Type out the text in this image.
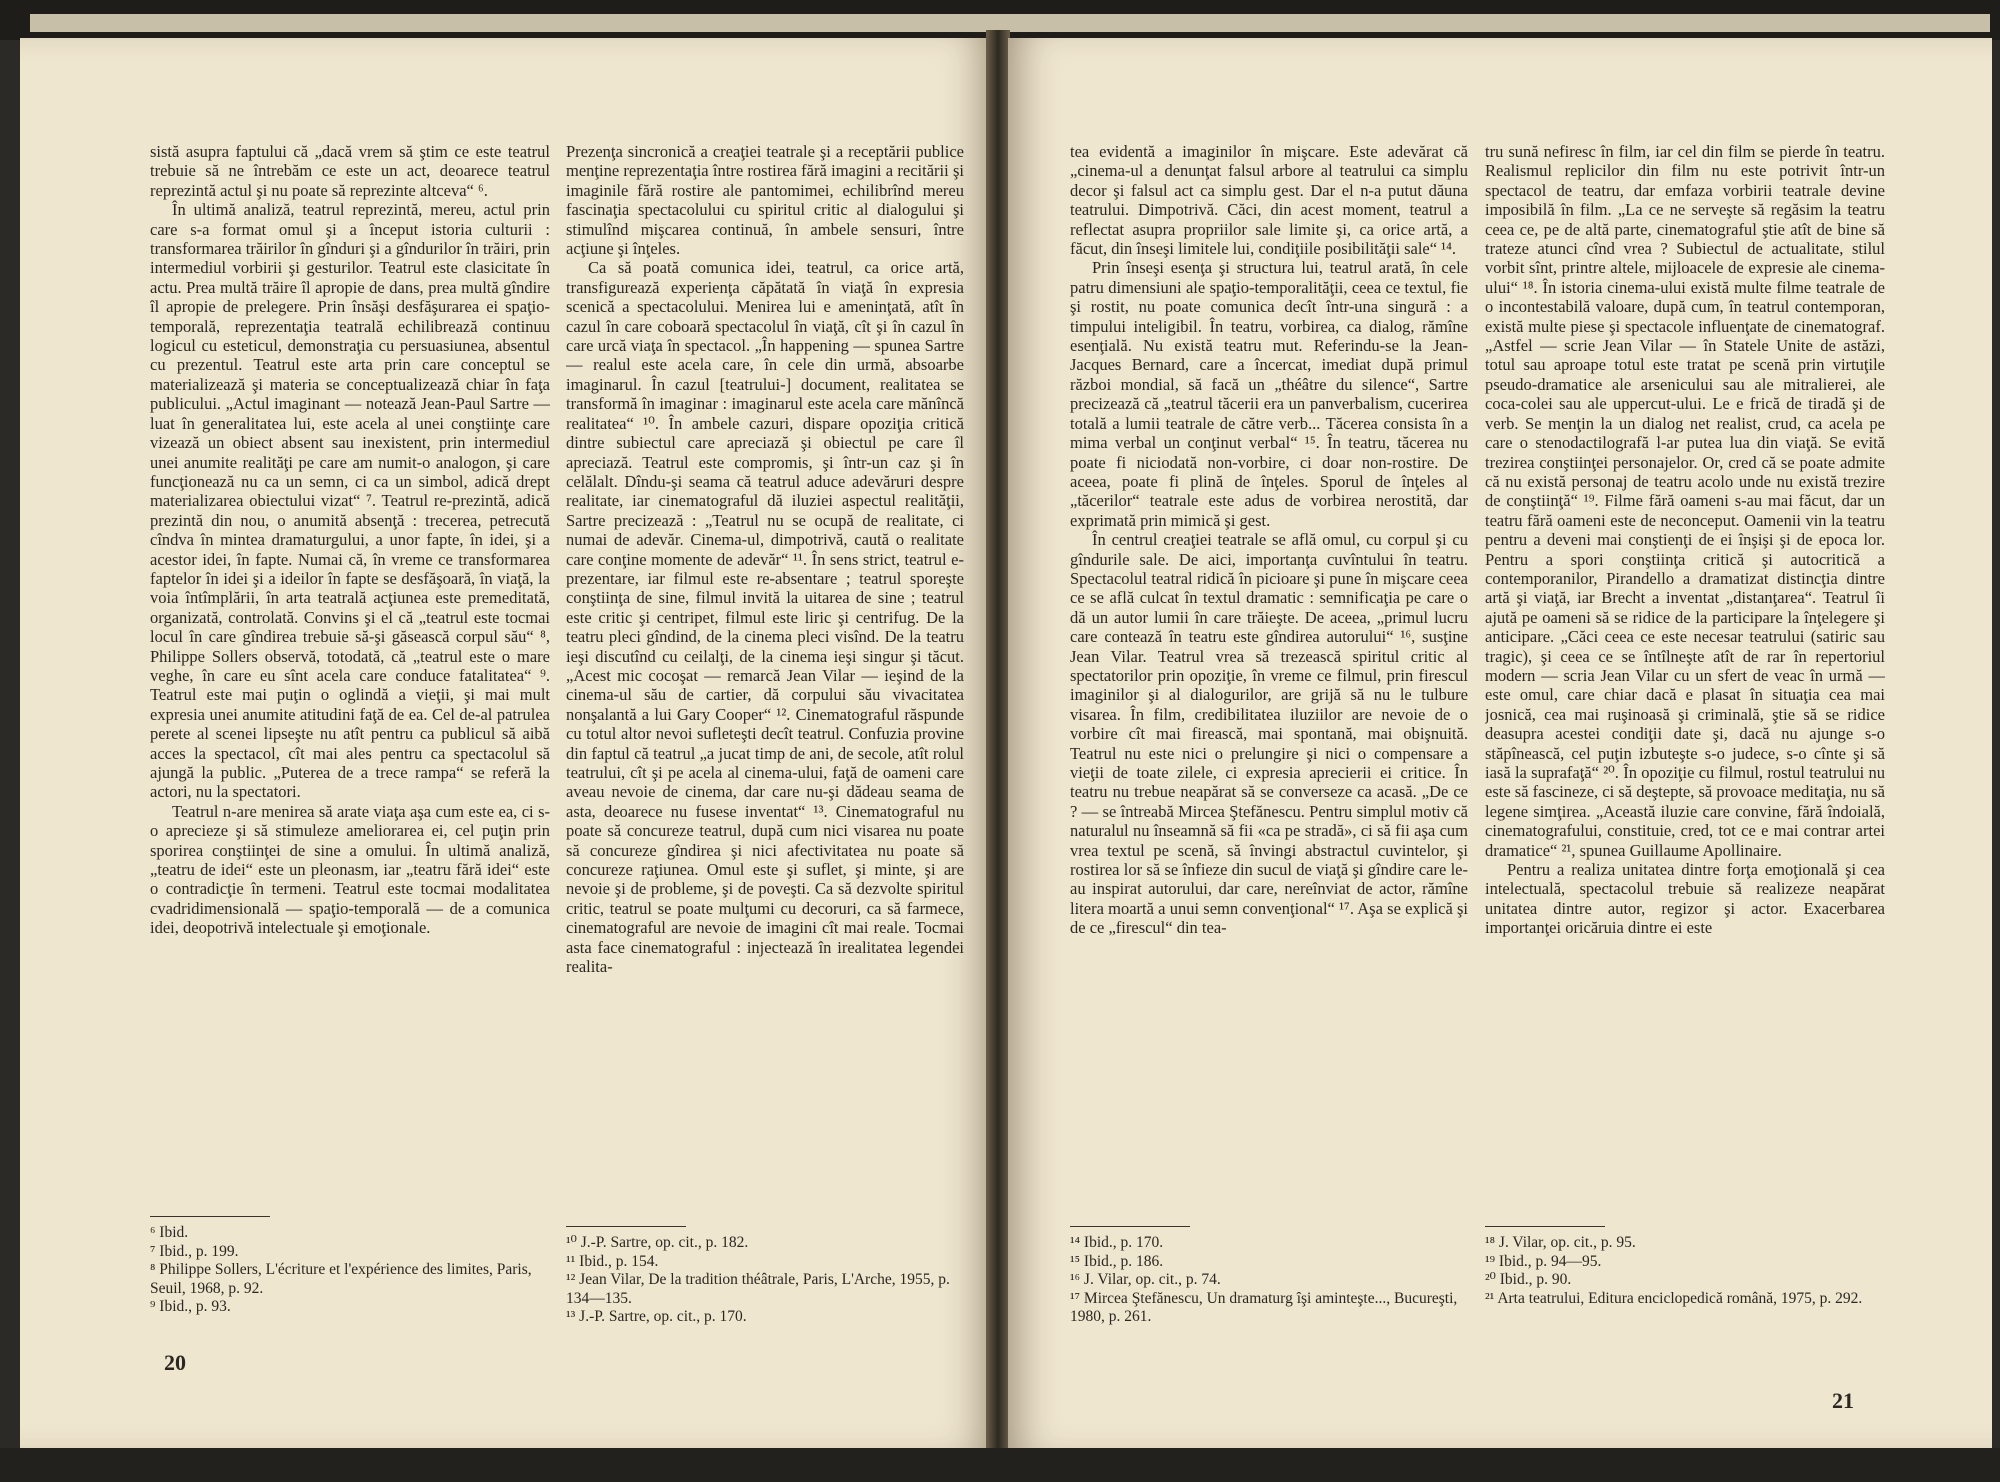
sistă asupra faptului că „dacă vrem să ştim ce este teatrul trebuie să ne întrebăm ce este un act, deoarece teatrul reprezintă actul şi nu poate să reprezinte altceva“ ⁶.

În ultimă analiză, teatrul reprezintă, mereu, actul prin care s-a format omul şi a început istoria culturii : transformarea trăirilor în gînduri şi a gîndurilor în trăiri, prin intermediul vorbirii şi gesturilor. Teatrul este clasicitate în actu. Prea multă trăire îl apropie de dans, prea multă gîndire îl apropie de prelegere. Prin însăşi desfăşurarea ei spaţio-temporală, reprezentaţia teatrală echilibrează continuu logicul cu esteticul, demonstraţia cu persuasiunea, absentul cu prezentul. Teatrul este arta prin care conceptul se materializează şi materia se conceptualizează chiar în faţa publicului. „Actul imaginant — notează Jean-Paul Sartre — luat în generalitatea lui, este acela al unei conştiinţe care vizează un obiect absent sau inexistent, prin intermediul unei anumite realităţi pe care am numit-o analogon, şi care funcţionează nu ca un semn, ci ca un simbol, adică drept materializarea obiectului vizat“ ⁷. Teatrul re-prezintă, adică prezintă din nou, o anumită absenţă : trecerea, petrecută cîndva în mintea dramaturgului, a unor fapte, în idei, şi a acestor idei, în fapte. Numai că, în vreme ce transformarea faptelor în idei şi a ideilor în fapte se desfăşoară, în viaţă, la voia întîmplării, în arta teatrală acţiunea este premeditată, organizată, controlată. Convins şi el că „teatrul este tocmai locul în care gîndirea trebuie să-şi găsească corpul său“ ⁸, Philippe Sollers observă, totodată, că „teatrul este o mare veghe, în care eu sînt acela care conduce fatalitatea“ ⁹. Teatrul este mai puţin o oglindă a vieţii, şi mai mult expresia unei anumite atitudini faţă de ea. Cel de-al patrulea perete al scenei lipseşte nu atît pentru ca publicul să aibă acces la spectacol, cît mai ales pentru ca spectacolul să ajungă la public. „Puterea de a trece rampa“ se referă la actori, nu la spectatori.

Teatrul n-are menirea să arate viaţa aşa cum este ea, ci s-o aprecieze şi să stimuleze ameliorarea ei, cel puţin prin sporirea conştiinţei de sine a omului. În ultimă analiză, „teatru de idei“ este un pleonasm, iar „teatru fără idei“ este o contradicţie în termeni. Teatrul este tocmai modalitatea cvadridimensională — spaţio-temporală — de a comunica idei, deopotrivă intelectuale şi emoţionale.

Prezenţa sincronică a creaţiei teatrale şi a receptării publice menţine reprezentaţia între rostirea fără imagini a recitării şi imaginile fără rostire ale pantomimei, echilibrînd mereu fascinaţia spectacolului cu spiritul critic al dialogului şi stimulînd mişcarea continuă, în ambele sensuri, între acţiune şi înţeles.

Ca să poată comunica idei, teatrul, ca orice artă, transfigurează experienţa căpătată în viaţă în expresia scenică a spectacolului. Menirea lui e ameninţată, atît în cazul în care coboară spectacolul în viaţă, cît şi în cazul în care urcă viaţa în spectacol. „În happening — spunea Sartre — realul este acela care, în cele din urmă, absoarbe imaginarul. În cazul [teatrului-] document, realitatea se transformă în imaginar : imaginarul este acela care mănîncă realitatea“ ¹⁰. În ambele cazuri, dispare opoziţia critică dintre subiectul care apreciază şi obiectul pe care îl apreciază. Teatrul este compromis, şi într-un caz şi în celălalt. Dîndu-şi seama că teatrul aduce adevăruri despre realitate, iar cinematograful dă iluziei aspectul realităţii, Sartre precizează : „Teatrul nu se ocupă de realitate, ci numai de adevăr. Cinema-ul, dimpotrivă, caută o realitate care conţine momente de adevăr“ ¹¹. În sens strict, teatrul e-prezentare, iar filmul este re-absentare ; teatrul sporeşte conştiinţa de sine, filmul invită la uitarea de sine ; teatrul este critic şi centripet, filmul este liric şi centrifug. De la teatru pleci gîndind, de la cinema pleci visînd. De la teatru ieşi discutînd cu ceilalţi, de la cinema ieşi singur şi tăcut. „Acest mic cocoşat — remarcă Jean Vilar — ieşind de la cinema-ul său de cartier, dă corpului său vivacitatea nonşalantă a lui Gary Cooper“ ¹². Cinematograful răspunde cu totul altor nevoi sufleteşti decît teatrul. Confuzia provine din faptul că teatrul „a jucat timp de ani, de secole, atît rolul teatrului, cît şi pe acela al cinema-ului, faţă de oameni care aveau nevoie de cinema, dar care nu-şi dădeau seama de asta, deoarece nu fusese inventat“ ¹³. Cinematograful nu poate să concureze teatrul, după cum nici visarea nu poate să concureze gîndirea şi nici afectivitatea nu poate să concureze raţiunea. Omul este şi suflet, şi minte, şi are nevoie şi de probleme, şi de poveşti. Ca să dezvolte spiritul critic, teatrul se poate mulţumi cu decoruri, ca să farmece, cinematograful are nevoie de imagini cît mai reale. Tocmai asta face cinematograful : injectează în irealitatea legendei realita-

⁶ Ibid.
⁷ Ibid., p. 199.
⁸ Philippe Sollers, L'écriture et l'expérience des limites, Paris, Seuil, 1968, p. 92.
⁹ Ibid., p. 93.
¹⁰ J.-P. Sartre, op. cit., p. 182.
¹¹ Ibid., p. 154.
¹² Jean Vilar, De la tradition théâtrale, Paris, L'Arche, 1955, p. 134—135.
¹³ J.-P. Sartre, op. cit., p. 170.
20

tea evidentă a imaginilor în mişcare. Este adevărat că „cinema-ul a denunţat falsul arbore al teatrului ca simplu decor şi falsul act ca simplu gest. Dar el n-a putut dăuna teatrului. Dimpotrivă. Căci, din acest moment, teatrul a reflectat asupra propriilor sale limite şi, ca orice artă, a făcut, din înseşi limitele lui, condiţiile posibilităţii sale“ ¹⁴.

Prin înseşi esenţa şi structura lui, teatrul arată, în cele patru dimensiuni ale spaţio-temporalităţii, ceea ce textul, fie şi rostit, nu poate comunica decît într-una singură : a timpului inteligibil. În teatru, vorbirea, ca dialog, rămîne esenţială. Nu există teatru mut. Referindu-se la Jean-Jacques Bernard, care a încercat, imediat după primul război mondial, să facă un „théâtre du silence“, Sartre precizează că „teatrul tăcerii era un panverbalism, cucerirea totală a lumii teatrale de către verb... Tăcerea consista în a mima verbal un conţinut verbal“ ¹⁵. În teatru, tăcerea nu poate fi niciodată non-vorbire, ci doar non-rostire. De aceea, poate fi plină de înţeles. Sporul de înţeles al „tăcerilor“ teatrale este adus de vorbirea nerostită, dar exprimată prin mimică şi gest.

În centrul creaţiei teatrale se află omul, cu corpul şi cu gîndurile sale. De aici, importanţa cuvîntului în teatru. Spectacolul teatral ridică în picioare şi pune în mişcare ceea ce se află culcat în textul dramatic : semnificaţia pe care o dă un autor lumii în care trăieşte. De aceea, „primul lucru care contează în teatru este gîndirea autorului“ ¹⁶, susţine Jean Vilar. Teatrul vrea să trezească spiritul critic al spectatorilor prin opoziţie, în vreme ce filmul, prin firescul imaginilor şi al dialogurilor, are grijă să nu le tulbure visarea. În film, credibilitatea iluziilor are nevoie de o vorbire cît mai firească, mai spontană, mai obişnuită. Teatrul nu este nici o prelungire şi nici o compensare a vieţii de toate zilele, ci expresia aprecierii ei critice. În teatru nu trebue neapărat să se converseze ca acasă. „De ce ? — se întreabă Mircea Ştefănescu. Pentru simplul motiv că naturalul nu înseamnă să fii «ca pe stradă», ci să fii aşa cum vrea textul pe scenă, să învingi abstractul cuvintelor, şi rostirea lor să se înfieze din sucul de viaţă şi gîndire care le-au inspirat autorului, dar care, nereînviat de actor, rămîne litera moartă a unui semn convenţional“ ¹⁷. Aşa se explică şi de ce „firescul“ din tea-

tru sună nefiresc în film, iar cel din film se pierde în teatru. Realismul replicilor din film nu este potrivit într-un spectacol de teatru, dar emfaza vorbirii teatrale devine imposibilă în film. „La ce ne serveşte să regăsim la teatru ceea ce, pe de altă parte, cinematograful ştie atît de bine să trateze atunci cînd vrea ? Subiectul de actualitate, stilul vorbit sînt, printre altele, mijloacele de expresie ale cinema-ului“ ¹⁸. În istoria cinema-ului există multe filme teatrale de o incontestabilă valoare, după cum, în teatrul contemporan, există multe piese şi spectacole influenţate de cinematograf. „Astfel — scrie Jean Vilar — în Statele Unite de astăzi, totul sau aproape totul este tratat pe scenă prin virtuţile pseudo-dramatice ale arsenicului sau ale mitralierei, ale coca-colei sau ale uppercut-ului. Le e frică de tiradă şi de verb. Se menţin la un dialog net realist, crud, ca acela pe care o stenodactilografă l-ar putea lua din viaţă. Se evită trezirea conştiinţei personajelor. Or, cred că se poate admite că nu există personaj de teatru acolo unde nu există trezire de conştiinţă“ ¹⁹. Filme fără oameni s-au mai făcut, dar un teatru fără oameni este de neconceput. Oamenii vin la teatru pentru a deveni mai conştienţi de ei înşişi şi de epoca lor. Pentru a spori conştiinţa critică şi autocritică a contemporanilor, Pirandello a dramatizat distincţia dintre artă şi viaţă, iar Brecht a inventat „distanţarea“. Teatrul îi ajută pe oameni să se ridice de la participare la înţelegere şi anticipare. „Căci ceea ce este necesar teatrului (satiric sau tragic), şi ceea ce se întîlneşte atît de rar în repertoriul modern — scria Jean Vilar cu un sfert de veac în urmă — este omul, care chiar dacă e plasat în situaţia cea mai josnică, cea mai ruşinoasă şi criminală, ştie să se ridice deasupra acestei condiţii date şi, dacă nu ajunge s-o stăpînească, cel puţin izbuteşte s-o judece, s-o cînte şi să iasă la suprafaţă“ ²⁰. În opoziţie cu filmul, rostul teatrului nu este să fascineze, ci să deştepte, să provoace meditaţia, nu să legene simţirea. „Această iluzie care convine, fără îndoială, cinematografului, constituie, cred, tot ce e mai contrar artei dramatice“ ²¹, spunea Guillaume Apollinaire.

Pentru a realiza unitatea dintre forţa emoţională şi cea intelectuală, spectacolul trebuie să realizeze neapărat unitatea dintre autor, regizor şi actor. Exacerbarea importanţei oricăruia dintre ei este

¹⁴ Ibid., p. 170.
¹⁵ Ibid., p. 186.
¹⁶ J. Vilar, op. cit., p. 74.
¹⁷ Mircea Ştefănescu, Un dramaturg îşi aminteşte..., Bucureşti, 1980, p. 261.
¹⁸ J. Vilar, op. cit., p. 95.
¹⁹ Ibid., p. 94—95.
²⁰ Ibid., p. 90.
²¹ Arta teatrului, Editura enciclopedică română, 1975, p. 292.
21
